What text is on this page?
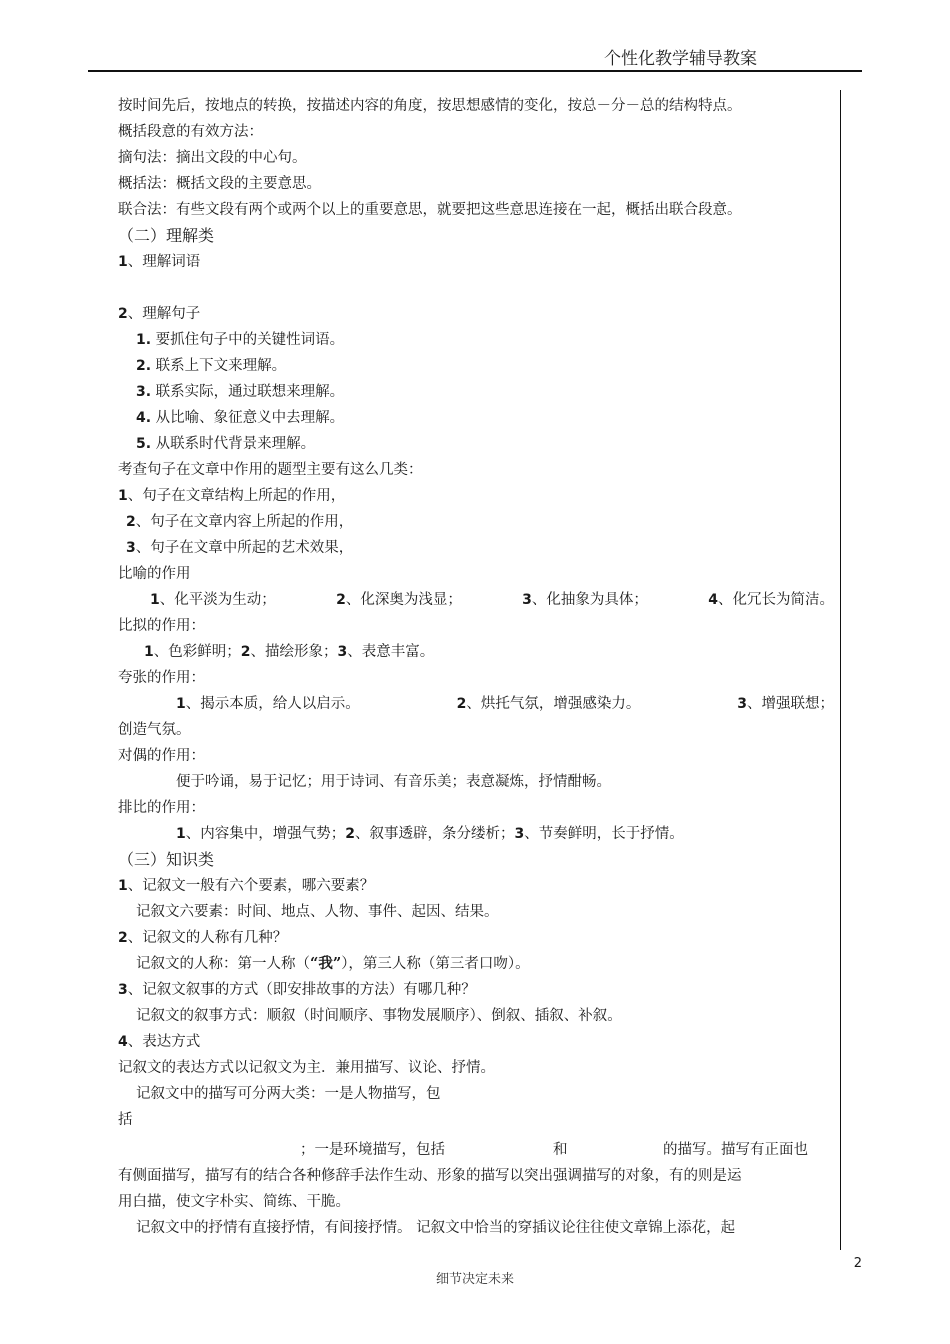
个性化教学辅导教案
按时间先后，按地点的转换，按描述内容的角度，按思想感情的变化，按总－分－总的结构特点。
概括段意的有效方法：
摘句法：摘出文段的中心句。
概括法：概括文段的主要意思。
联合法：有些文段有两个或两个以上的重要意思，就要把这些意思连接在一起，概括出联合段意。
（二）理解类
1、理解词语
2、理解句子
1. 要抓住句子中的关键性词语。
2. 联系上下文来理解。
3. 联系实际，通过联想来理解。
4. 从比喻、象征意义中去理解。
5. 从联系时代背景来理解。
考查句子在文章中作用的题型主要有这么几类：
1、句子在文章结构上所起的作用，
2、句子在文章内容上所起的作用，
3、句子在文章中所起的艺术效果，
比喻的作用
1、化平淡为生动；	2、化深奥为浅显；	3、化抽象为具体；	4、化冗长为简洁。
比拟的作用：
1、色彩鲜明；2、描绘形象；3、表意丰富。
夸张的作用：
1、揭示本质，给人以启示。	2、烘托气氛，增强感染力。	3、增强联想；
创造气氛。
对偶的作用：
便于吟诵，易于记忆；用于诗词、有音乐美；表意凝炼，抒情酣畅。
排比的作用：
1、内容集中，增强气势；2、叙事透辟，条分缕析；3、节奏鲜明，长于抒情。
（三）知识类
1、记叙文一般有六个要素，哪六要素？
记叙文六要素：时间、地点、人物、事件、起因、结果。
2、记叙文的人称有几种？
记叙文的人称：第一人称（“我”），第三人称（第三者口吻）。
3、记叙文叙事的方式（即安排故事的方法）有哪几种？
记叙文的叙事方式：顺叙（时间顺序、事物发展顺序）、倒叙、插叙、补叙。
4、表达方式
记叙文的表达方式以记叙文为主．兼用描写、议论、抒情。
记叙文中的描写可分两大类：一是人物描写，包
括
；一是环境描写，包括	和	的描写。描写有正面也
有侧面描写，描写有的结合各种修辞手法作生动、形象的描写以突出强调描写的对象，有的则是运
用白描，使文字朴实、简练、干脆。
记叙文中的抒情有直接抒情，有间接抒情。 记叙文中恰当的穿插议论往往使文章锦上添花，起
2
细节决定未来
